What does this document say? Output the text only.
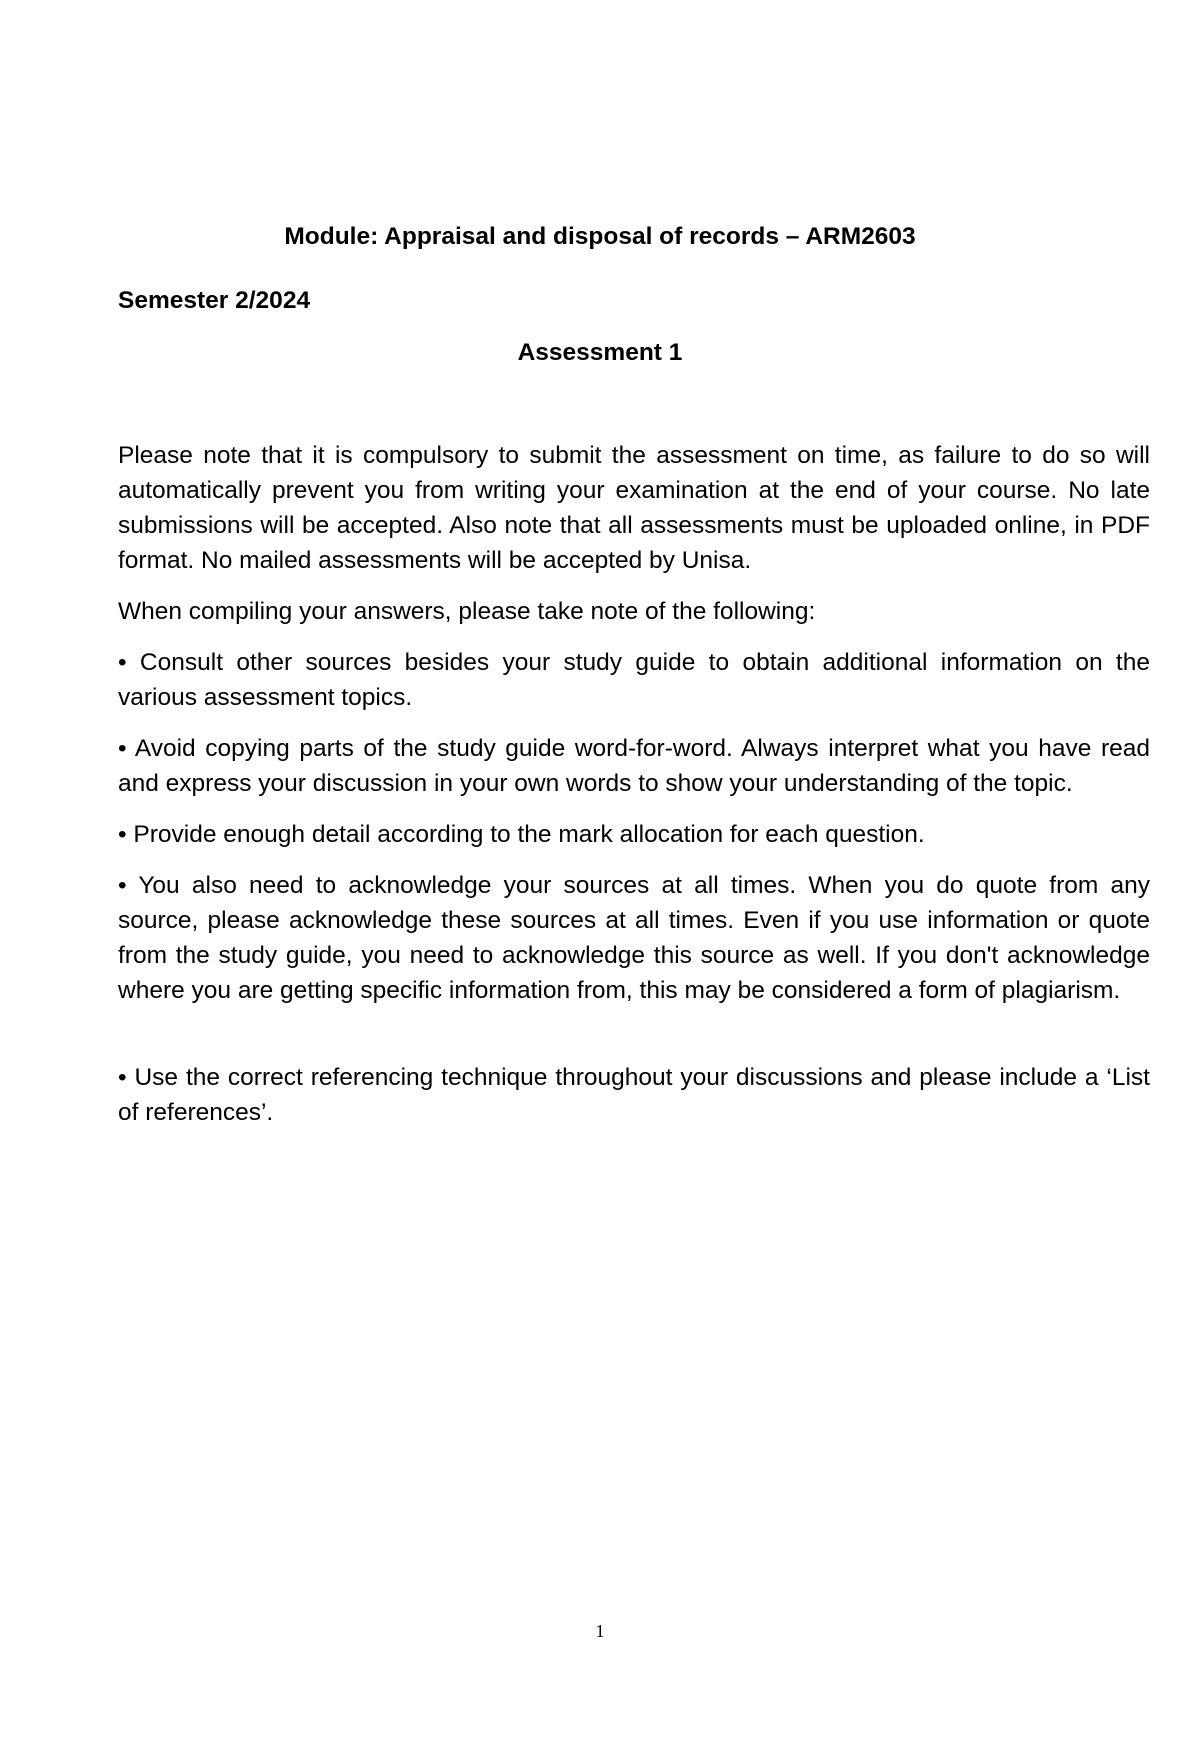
Module: Appraisal and disposal of records – ARM2603
Semester 2/2024
Assessment 1

Please note that it is compulsory to submit the assessment on time, as failure to do so will automatically prevent you from writing your examination at the end of your course. No late submissions will be accepted. Also note that all assessments must be uploaded online, in PDF format. No mailed assessments will be accepted by Unisa.

When compiling your answers, please take note of the following:

• Consult other sources besides your study guide to obtain additional information on the various assessment topics.

• Avoid copying parts of the study guide word-for-word. Always interpret what you have read and express your discussion in your own words to show your understanding of the topic.

• Provide enough detail according to the mark allocation for each question.

• You also need to acknowledge your sources at all times. When you do quote from any source, please acknowledge these sources at all times. Even if you use information or quote from the study guide, you need to acknowledge this source as well. If you don't acknowledge where you are getting specific information from, this may be considered a form of plagiarism.

• Use the correct referencing technique throughout your discussions and please include a ‘List of references’.

1
